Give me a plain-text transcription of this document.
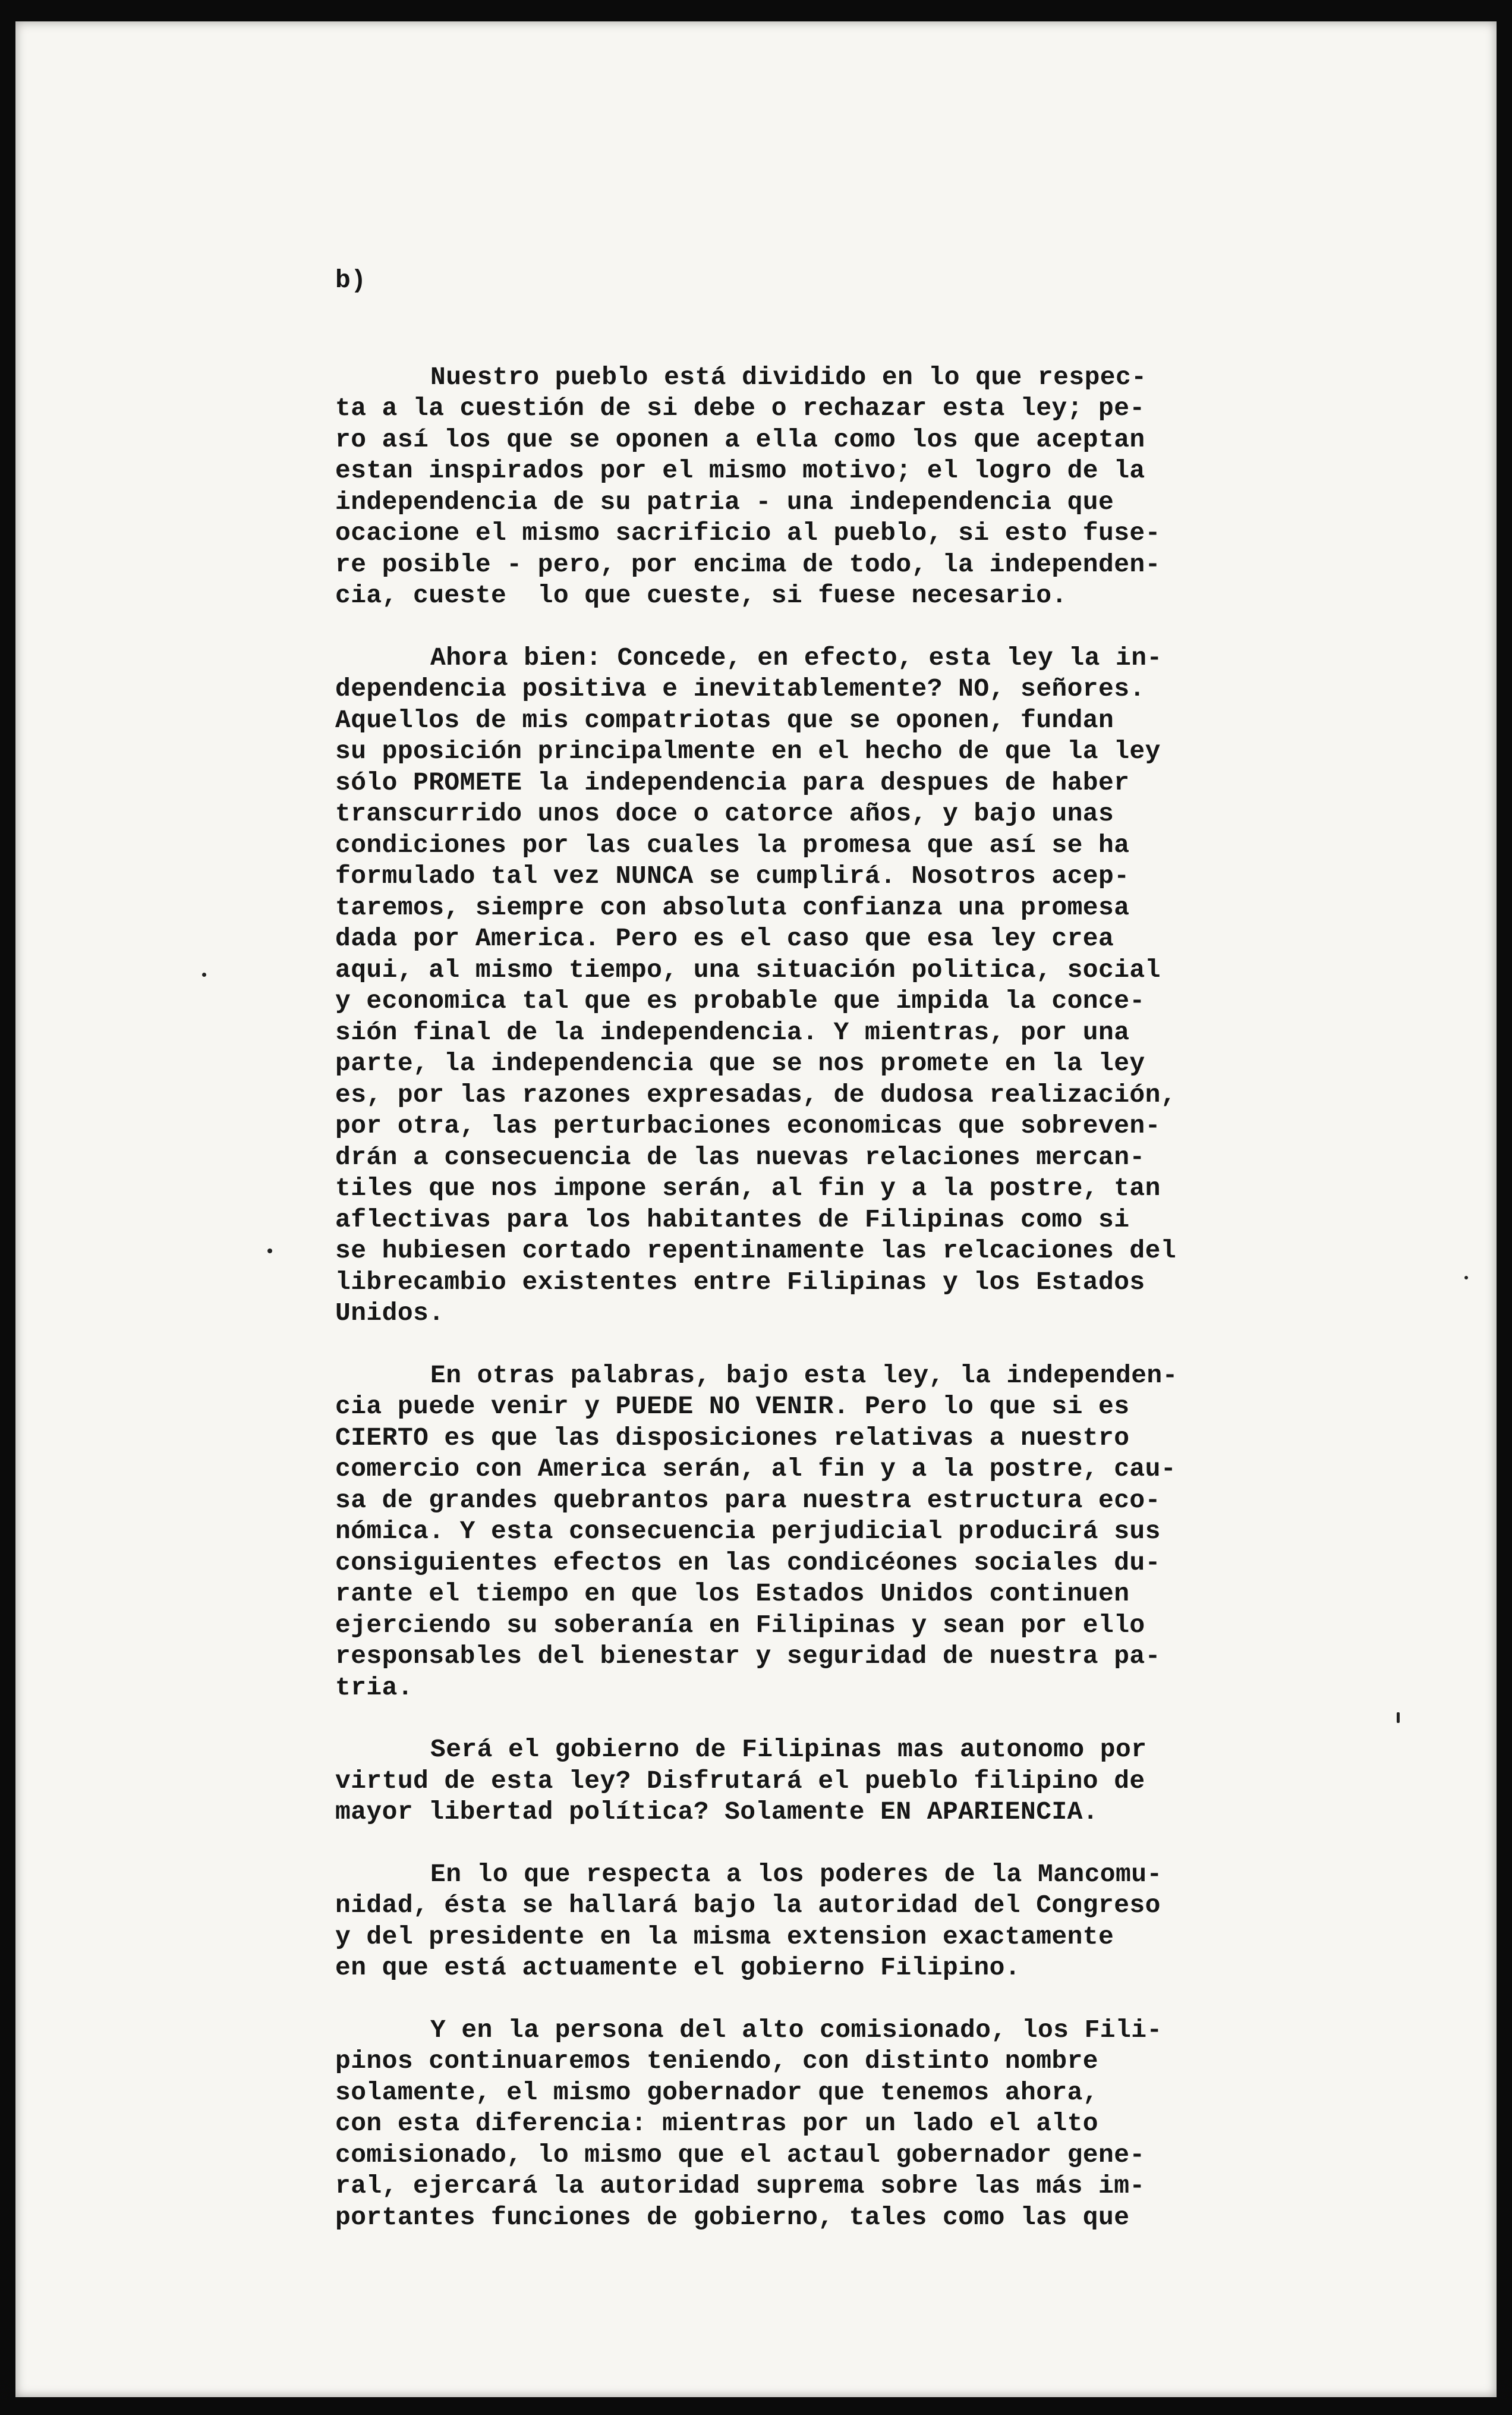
b)
Nuestro pueblo está dividido en lo que respec-
ta a la cuestión de si debe o rechazar esta ley; pe-
ro así los que se oponen a ella como los que aceptan
estan inspirados por el mismo motivo; el logro de la
independencia de su patria - una independencia que
ocacione el mismo sacrificio al pueblo, si esto fuse-
re posible - pero, por encima de todo, la independen-
cia, cueste  lo que cueste, si fuese necesario.
Ahora bien: Concede, en efecto, esta ley la in-
dependencia positiva e inevitablemente? NO, señores.
Aquellos de mis compatriotas que se oponen, fundan
su pposición principalmente en el hecho de que la ley
sólo PROMETE la independencia para despues de haber
transcurrido unos doce o catorce años, y bajo unas
condiciones por las cuales la promesa que así se ha
formulado tal vez NUNCA se cumplirá. Nosotros acep-
taremos, siempre con absoluta confianza una promesa
dada por America. Pero es el caso que esa ley crea
aqui, al mismo tiempo, una situación politica, social
y economica tal que es probable que impida la conce-
sión final de la independencia. Y mientras, por una
parte, la independencia que se nos promete en la ley
es, por las razones expresadas, de dudosa realización,
por otra, las perturbaciones economicas que sobreven-
drán a consecuencia de las nuevas relaciones mercan-
tiles que nos impone serán, al fin y a la postre, tan
aflectivas para los habitantes de Filipinas como si
se hubiesen cortado repentinamente las relcaciones del
librecambio existentes entre Filipinas y los Estados
Unidos.
En otras palabras, bajo esta ley, la independen-
cia puede venir y PUEDE NO VENIR. Pero lo que si es
CIERTO es que las disposiciones relativas a nuestro
comercio con America serán, al fin y a la postre, cau-
sa de grandes quebrantos para nuestra estructura eco-
nómica. Y esta consecuencia perjudicial producirá sus
consiguientes efectos en las condicéones sociales du-
rante el tiempo en que los Estados Unidos continuen
ejerciendo su soberanía en Filipinas y sean por ello
responsables del bienestar y seguridad de nuestra pa-
tria.
Será el gobierno de Filipinas mas autonomo por
virtud de esta ley? Disfrutará el pueblo filipino de
mayor libertad política? Solamente EN APARIENCIA.
En lo que respecta a los poderes de la Mancomu-
nidad, ésta se hallará bajo la autoridad del Congreso
y del presidente en la misma extension exactamente
en que está actuamente el gobierno Filipino.
Y en la persona del alto comisionado, los Fili-
pinos continuaremos teniendo, con distinto nombre
solamente, el mismo gobernador que tenemos ahora,
con esta diferencia: mientras por un lado el alto
comisionado, lo mismo que el actaul gobernador gene-
ral, ejercará la autoridad suprema sobre las más im-
portantes funciones de gobierno, tales como las que
